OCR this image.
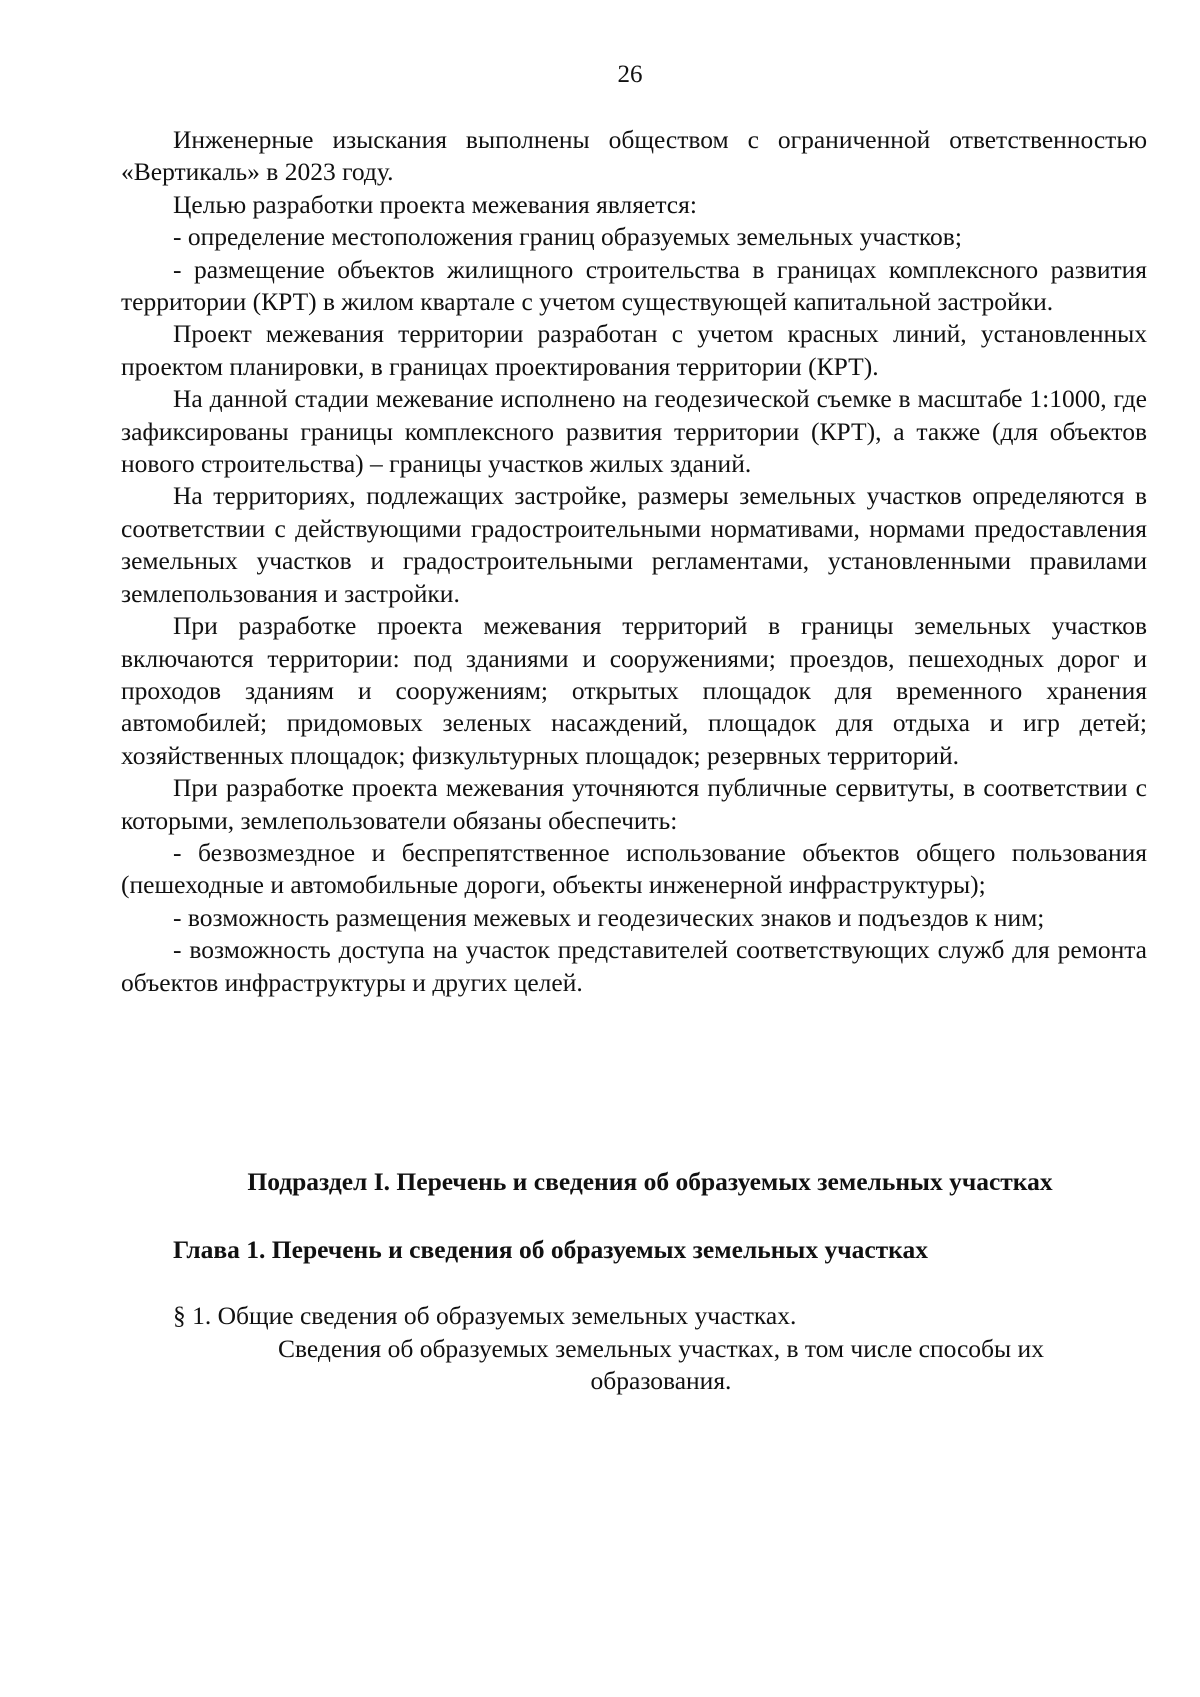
26

Инженерные изыскания выполнены обществом с ограниченной ответственностью «Вертикаль» в 2023 году.

Целью разработки проекта межевания является:

- определение местоположения границ образуемых земельных участков;

- размещение объектов жилищного строительства в границах комплексного развития территории (КРТ) в жилом квартале с учетом существующей капитальной застройки.

Проект межевания территории разработан с учетом красных линий, установленных проектом планировки, в границах проектирования территории (КРТ).

На данной стадии межевание исполнено на геодезической съемке в масштабе 1:1000, где зафиксированы границы комплексного развития территории (КРТ), а также (для объектов нового строительства) – границы участков жилых зданий.

На территориях, подлежащих застройке, размеры земельных участков определяются в соответствии с действующими градостроительными нормативами, нормами предоставления земельных участков и градостроительными регламентами, установленными правилами землепользования и застройки.

При разработке проекта межевания территорий в границы земельных участков включаются территории: под зданиями и сооружениями; проездов, пешеходных дорог и проходов зданиям и сооружениям; открытых площадок для временного хранения автомобилей; придомовых зеленых насаждений, площадок для отдыха и игр детей; хозяйственных площадок; физкультурных площадок; резервных территорий.

При разработке проекта межевания уточняются публичные сервитуты, в соответствии с которыми, землепользователи обязаны обеспечить:

- безвозмездное и беспрепятственное использование объектов общего пользования (пешеходные и автомобильные дороги, объекты инженерной инфраструктуры);

- возможность размещения межевых и геодезических знаков и подъездов к ним;

- возможность доступа на участок представителей соответствующих служб для ремонта объектов инфраструктуры и других целей.

Подраздел I. Перечень и сведения об образуемых земельных участках
Глава 1. Перечень и сведения об образуемых земельных участках
§ 1. Общие сведения об образуемых земельных участках.
Сведения об образуемых земельных участках, в том числе способы их образования.
